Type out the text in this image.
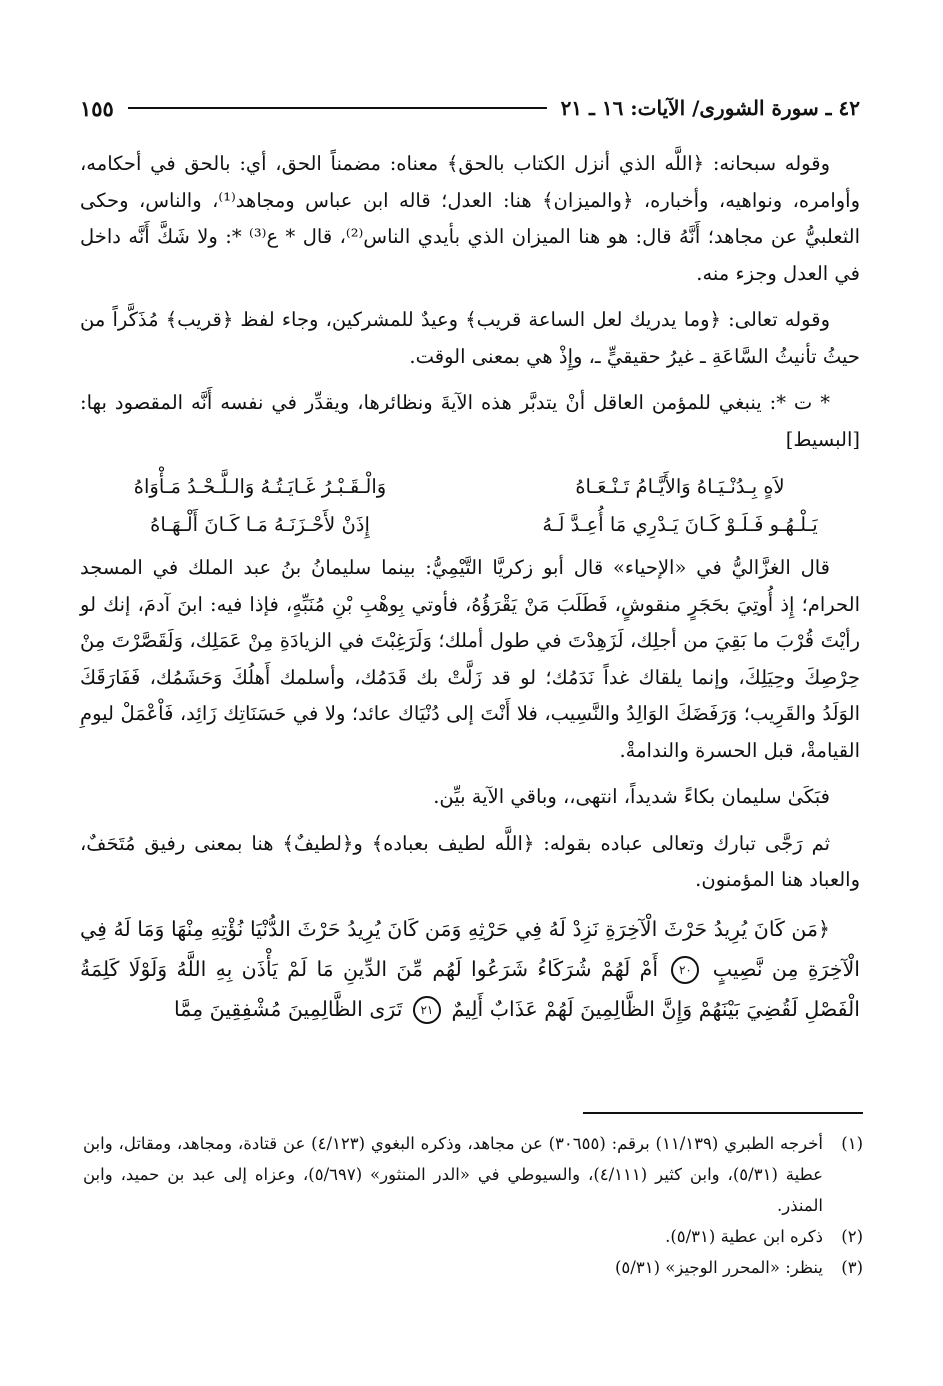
٤٢ ـ سورة الشورى/ الآيات: ١٦ ـ ٢١
١٥٥

وقوله سبحانه: ﴿اللَّه الذي أنزل الكتاب بالحق﴾ معناه: مضمناً الحق، أي: بالحق في أحكامه، وأوامره، ونواهيه، وأخباره، ﴿والميزان﴾ هنا: العدل؛ قاله ابن عباس ومجاهد⁽¹⁾، والناس، وحكى الثعلبيُّ عن مجاهد؛ أَنَّهُ قال: هو هنا الميزان الذي بأيدي الناس⁽²⁾، قال * ع⁽³⁾ *: ولا شَكَّ أَنَّه داخل في العدل وجزء منه.

وقوله تعالى: ﴿وما يدريك لعل الساعة قريب﴾ وعيدٌ للمشركين، وجاء لفظ ﴿قريب﴾ مُذَكَّراً من حيثُ تأنيثُ السَّاعَةِ ـ غيرُ حقيقيٍّ ـ، وإِذْ هي بمعنى الوقت.

* ت *: ينبغي للمؤمن العاقل أنْ يتدبَّر هذه الآيةَ ونظائرها، ويقدِّر في نفسه أَنَّه المقصود بها: [البسيط]

لاَهٍ بِـدُنْـيَـاهُ وَالأَيَّـامُ تَـنْـعَـاهُ
وَالْـقَـبْـرُ غَـايَـتُـهُ وَالـلَّـحْـدُ مَـأْوَاهُ
يَـلْـهُـو فَـلَـوْ كَـانَ يَـدْرِي مَا أُعِـدَّ لَـهُ
إِذَنْ لأَحْـزَنَـهُ مَـا كَـانَ أَلْـهَـاهُ

قال الغزَّاليُّ في «الإحياء» قال أبو زكريَّا التَّيْمِيُّ: بينما سليمانُ بنُ عبد الملك في المسجد الحرام؛ إِذ أُوتِيَ بحَجَرٍ منقوشٍ، فَطَلَبَ مَنْ يَقْرَؤُهُ، فأوتي بِوهْبِ بْنِ مُنَبِّهٍ، فإذا فيه: ابنَ آدمَ، إنك لو رأيْتَ قُرْبَ ما بَقِيَ من أجلِك، لَزَهِدْتَ في طول أملك؛ وَلَرَغِبْتَ في الزيادَةِ مِنْ عَمَلِك، وَلَقَصَّرْتَ مِنْ حِرْصِكَ وحِيَلِكَ، وإنما يلقاك غداً نَدَمُك؛ لو قد زَلَّتْ بك قَدَمُك، وأسلمك أَهلُكَ وَحَشَمُك، فَفَارَقَكَ الوَلَدُ والقَرِيب؛ وَرَفَضَكَ الوَالِدُ والنَّسِيب، فلا أَنْتَ إلى دُنْيَاك عائد؛ ولا في حَسَنَاتِك زَائِد، فَاْعْمَلْ ليومِ القيامةْ، قبل الحسرة والندامةْ.

فبَكَىٰ سليمان بكاءً شديداً، انتهى،، وباقي الآية بيِّن.

ثم رَجَّى تبارك وتعالى عباده بقوله: ﴿اللَّه لطيف بعباده﴾ و﴿لطيفٌ﴾ هنا بمعنى رفيق مُتَحَفٌ، والعباد هنا المؤمنون.

﴿مَن كَانَ يُرِيدُ حَرْثَ الْآخِرَةِ نَزِدْ لَهُ فِي حَرْثِهِ وَمَن كَانَ يُرِيدُ حَرْثَ الدُّنْيَا نُؤْتِهِ مِنْهَا وَمَا لَهُ فِي الْآخِرَةِ مِن نَّصِيبٍ ٢٠ أَمْ لَهُمْ شُرَكَاءُ شَرَعُوا لَهُم مِّنَ الدِّينِ مَا لَمْ يَأْذَن بِهِ اللَّهُ وَلَوْلَا كَلِمَةُ الْفَصْلِ لَقُضِيَ بَيْنَهُمْ وَإِنَّ الظَّالِمِينَ لَهُمْ عَذَابٌ أَلِيمٌ ٢١ تَرَى الظَّالِمِينَ مُشْفِقِينَ مِمَّا

(١)
أخرجه الطبري (١١/١٣٩) برقم: (٣٠٦٥٥) عن مجاهد، وذكره البغوي (٤/١٢٣) عن قتادة، ومجاهد، ومقاتل، وابن عطية (٥/٣١)، وابن كثير (٤/١١١)، والسيوطي في «الدر المنثور» (٥/٦٩٧)، وعزاه إلى عبد بن حميد، وابن المنذر.
(٢)
ذكره ابن عطية (٥/٣١).
(٣)
ينظر: «المحرر الوجيز» (٥/٣١)
